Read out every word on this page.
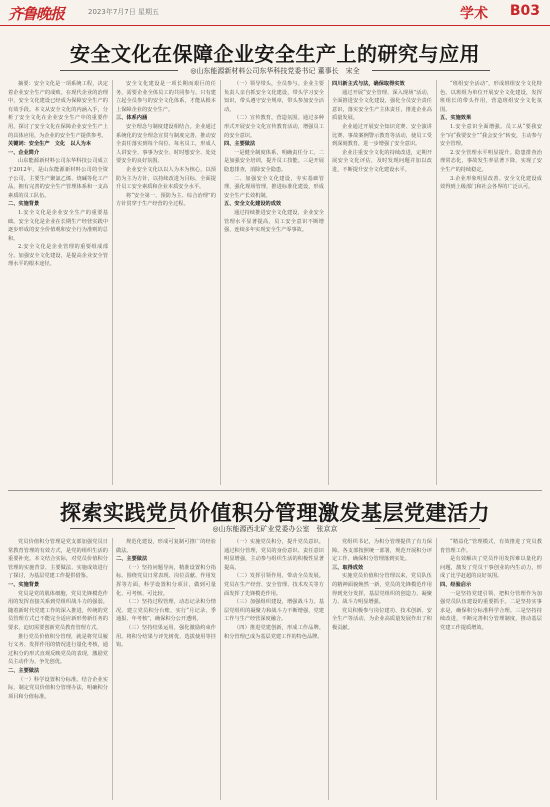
齐鲁晚报	2023年7月7日 星期五	学术 B03
安全文化在保障企业安全生产上的研究与应用
◎山东能源新材料公司东华科技党委书记 董事长　宋全

摘要：安全文化是一项系统工程，决定着企业安全生产的成败。在现代企业的治理中，安全文化建设已经成为保障安全生产的有效手段。本文从安全文化的内涵入手，分析了安全文化在企业安全生产中的重要作用，探讨了安全文化在保障企业安全生产上的具体应用，为企业的安全生产提供参考。

关键词：安全生产　文化　以人为本

一、企业简介

山东能源新材料公司东华科技公司成立于2012年，是山东能源新材料公司的全资子公司，主要生产聚氯乙烯、烧碱等化工产品，拥有完善的安全生产管理体系和一支高素质的员工队伍。

二、实施背景

1.安全文化是企业安全生产的重要基础。安全文化是企业在长期生产经营实践中逐步形成的安全价值观和安全行为准则的总和。

2.安全文化是企业管理的重要组成部分。加强安全文化建设，是提高企业安全管理水平的根本途径。

安全文化建设是一项长期而艰巨的任务，需要企业全体员工的共同参与。只有建立起全员参与的安全文化体系，才能从根本上保障企业的安全生产。

三、体系内涵

安全理念与制度建设相结合。企业通过系统化的安全理念宣贯与制度完善，推动安全责任落实到每个岗位、每名员工，形成人人讲安全、事事为安全、时时想安全、处处要安全的良好氛围。

企业安全文化以以人为本为核心，以预防为主为方针，以持续改进为目标，全面提升员工安全素质和企业本质安全水平。

将“安全第一、预防为主、综合治理”的方针贯穿于生产经营的全过程。

（一）领导带头，全员参与。企业主要负责人亲自抓安全文化建设，带头学习安全知识，带头遵守安全规章，带头参加安全活动。

（二）宣传教育，营造氛围。通过多种形式开展安全文化宣传教育活动，增强员工的安全意识。

四、主要做法

一是健全制度体系，明确责任分工。二是加强安全培训，提升员工技能。三是开展隐患排查，消除安全隐患。

二、加强安全文化建设，夯实基础管理，强化现场管理，推进标准化建设，形成安全生产长效机制。

五、安全文化建设的成效

通过持续推进安全文化建设，企业安全管理水平显著提高，员工安全意识不断增强，连续多年实现安全生产零事故。

四川新主式与法，确保取得实效

通过开展“安全管理、深入现场”活动，全面推进安全文化建设，强化全员安全责任意识，落实安全生产主体责任，推进企业高质量发展。

企业通过开展安全知识竞赛、安全演讲比赛、事故案例警示教育等活动，使员工受到深刻教育，进一步增强了安全意识。

企业注重安全文化的持续改进，定期开展安全文化评估，及时发现问题并加以改进，不断提升安全文化建设水平。

“班组安全活动”，形成班组安全文化特色。以班组为单位开展安全文化建设，发挥班组长的带头作用，营造班组安全文化氛围。

五、实施效果

1.安全意识全面增强。员工从“要我安全”向“我要安全”“我会安全”转变，主动参与安全管理。

2.安全管理水平明显提升。隐患排查治理常态化，事故发生率显著下降，实现了安全生产的持续稳定。

3.企业形象明显改善。安全文化建设成效得到上级部门和社会各界的广泛认可。

探索实践党员价值积分管理激发基层党建活力
◎山东能源西北矿业党委办公室　张京京

党员价值积分管理是党支部加强党员日常教育管理的有效方式，是党的组织生活的重要补充。本文结合实际，对党员价值积分管理的实施背景、主要做法、实施成效进行了探讨，为基层党建工作提供借鉴。

一、实施背景

党员是党的肌体细胞，党员先锋模范作用的发挥直接关系到党组织战斗力的强弱。随着新时代党建工作的深入推进，传统的党员管理方式已不能完全适应新形势新任务的要求，迫切需要创新党员教育管理方式。

推行党员价值积分管理，就是将党员履行义务、发挥作用的情况进行量化考核，通过积分的形式直观反映党员的表现，激励党员主动作为、争先创优。

二、主要做法

（一）科学设置积分标准。结合企业实际，制定党员价值积分管理办法，明确积分项目和分值标准。

规范化建设，形成可复制可推广的经验做法。

二、主要做法

（一）坚持问题导向，精准设置积分指标。围绕党员日常表现、岗位贡献、作用发挥等方面，科学设置积分项目，做到可量化、可考核、可比较。

（二）坚持过程管理，动态记录积分情况。建立党员积分台账，实行“月记录、季通报、年考核”，确保积分公开透明。

（三）坚持结果运用，强化激励约束作用。将积分结果与评先树优、选拔使用等挂钩。

（一）实施党员积分，提升党员意识。通过积分管理，党员的身份意识、责任意识明显增强，主动参与组织生活的积极性显著提高。

（二）发挥引领作用，带动全员发展。党员在生产经营、安全管理、技术攻关等方面发挥了先锋模范作用。

（三）加强组织建设，增强战斗力。基层党组织的凝聚力和战斗力不断增强，党建工作与生产经营深度融合。

（四）推进党建创新，形成工作品牌。积分管理已成为基层党建工作的特色品牌。

党组织书记，为积分管理提供了有力保障。各支部按照统一部署，规范开展积分评定工作，确保积分管理落到实处。

三、取得成效

实施党员价值积分管理以来，党员队伍的精神面貌焕然一新，党员的先锋模范作用得到充分发挥，基层党组织的创造力、凝聚力、战斗力明显增强。

党员积极参与岗位建功、技术创新、安全生产等活动，为企业高质量发展作出了积极贡献。

“精益化”管理模式，有效推进了党员教育管理工作。

是有效解决了党员作用发挥难以量化的问题，激发了党员干事创业的内生动力，形成了比学赶超的良好氛围。

四、经验启示

一是坚持党建引领，把积分管理作为加强党员队伍建设的重要抓手。二是坚持实事求是，确保积分标准科学合理。三是坚持持续改进，不断完善积分管理制度，推动基层党建工作提质增效。
